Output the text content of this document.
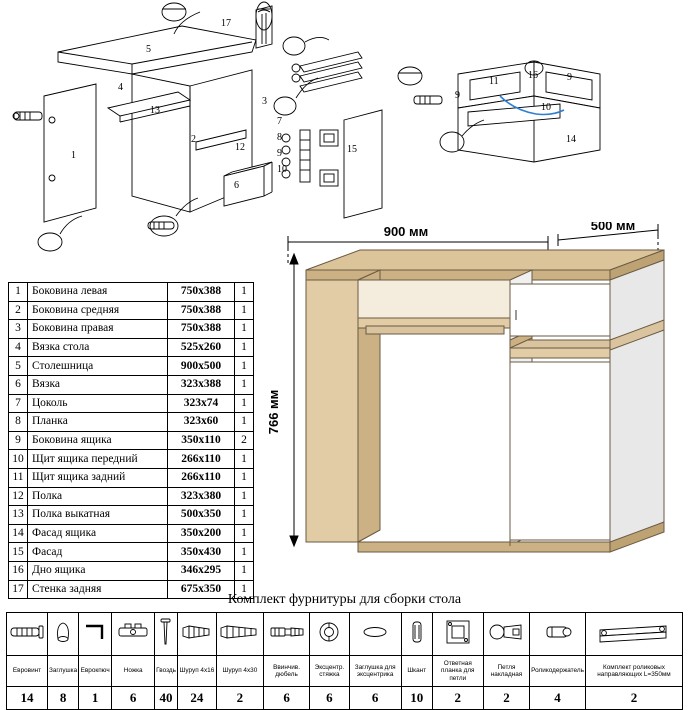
17
5
4
13
3
1
2
12	15
6
7
8
9
10
11	9
9
10
16
14
1	Боковина левая	750x388	1
2	Боковина средняя	750x388	1
3	Боковина правая	750x388	1
4	Вязка стола	525x260	1
5	Столешница	900x500	1
6	Вязка	323x388	1
7	Цоколь	323x74	1
8	Планка	323x60	1
9	Боковина ящика	350x110	2
10	Щит ящика передний	266x110	1
11	Щит ящика задний	266x110	1
12	Полка	323x380	1
13	Полка выкатная	500x350	1
14	Фасад ящика	350x200	1
15	Фасад	350x430	1
16	Дно ящика	346x295	1
17	Стенка задняя	675x350	1
900 мм	500 мм
766 мм
Комплект фурнитуры для сборки стола

Евровинт	Заглушка	Еврокпюч	Ножка	Гвоздь	Шуруп 4x16	Шуруп 4x30	Ввинчив. дюбель	Эксцентр. стяжка	Заглушка для эксцентрика	Шкант	Ответная планка для петли	Петля накладная	Роликодержатель	Комплект роликовых направляющих L=350мм
14	8	1	6	40	24	2	6	6	6	10	2	2	4	2
